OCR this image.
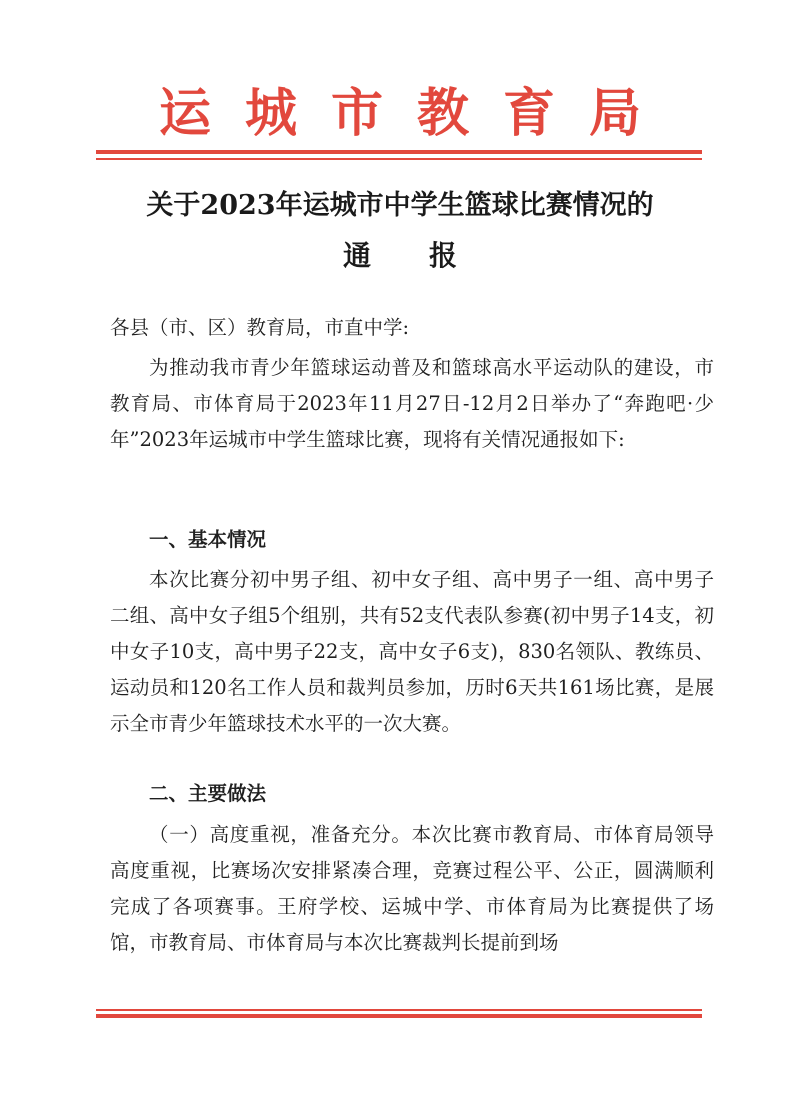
运城市教育局
关于2023年运城市中学生篮球比赛情况的
通报
各县（市、区）教育局，市直中学:
为推动我市青少年篮球运动普及和篮球高水平运动队的建设，市教育局、市体育局于2023年11月27日-12月2日举办了“奔跑吧·少年”2023年运城市中学生篮球比赛，现将有关情况通报如下:
一、基本情况
本次比赛分初中男子组、初中女子组、高中男子一组、高中男子二组、高中女子组5个组别，共有52支代表队参赛(初中男子14支，初中女子10支，高中男子22支，高中女子6支)，830名领队、教练员、运动员和120名工作人员和裁判员参加，历时6天共161场比赛，是展示全市青少年篮球技术水平的一次大赛。
二、主要做法
（一）高度重视，准备充分。本次比赛市教育局、市体育局领导高度重视，比赛场次安排紧凑合理，竞赛过程公平、公正，圆满顺利完成了各项赛事。王府学校、运城中学、市体育局为比赛提供了场馆，市教育局、市体育局与本次比赛裁判长提前到场
